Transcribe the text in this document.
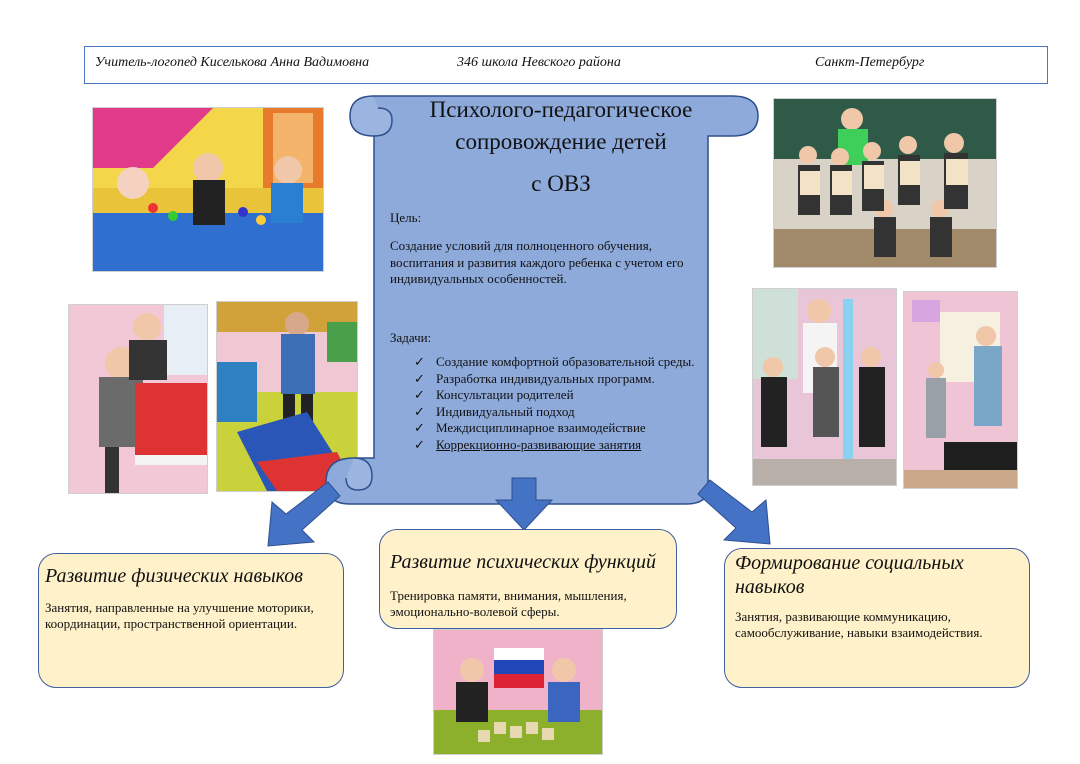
Учитель-логопед Киселькова Анна Вадимовна	346 школа Невского района	Санкт-Петербург
Психолого-педагогическое
сопровождение детей
с ОВЗ
Цель:
Создание условий для полноценного обучения, воспитания и развития каждого ребенка с учетом его индивидуальных особенностей.
Задачи:
✓ Создание комфортной образовательной среды.
✓ Разработка индивидуальных программ.
✓ Консультации родителей
✓ Индивидуальный подход
✓ Междисциплинарное взаимодействие
✓ Коррекционно-развивающие занятия
Развитие физических навыков
Занятия, направленные на улучшение моторики, координации, пространственной ориентации.
Развитие психических функций
Тренировка памяти, внимания, мышления, эмоционально-волевой сферы.
Формирование социальных навыков
Занятия, развивающие коммуникацию, самообслуживание, навыки взаимодействия.
